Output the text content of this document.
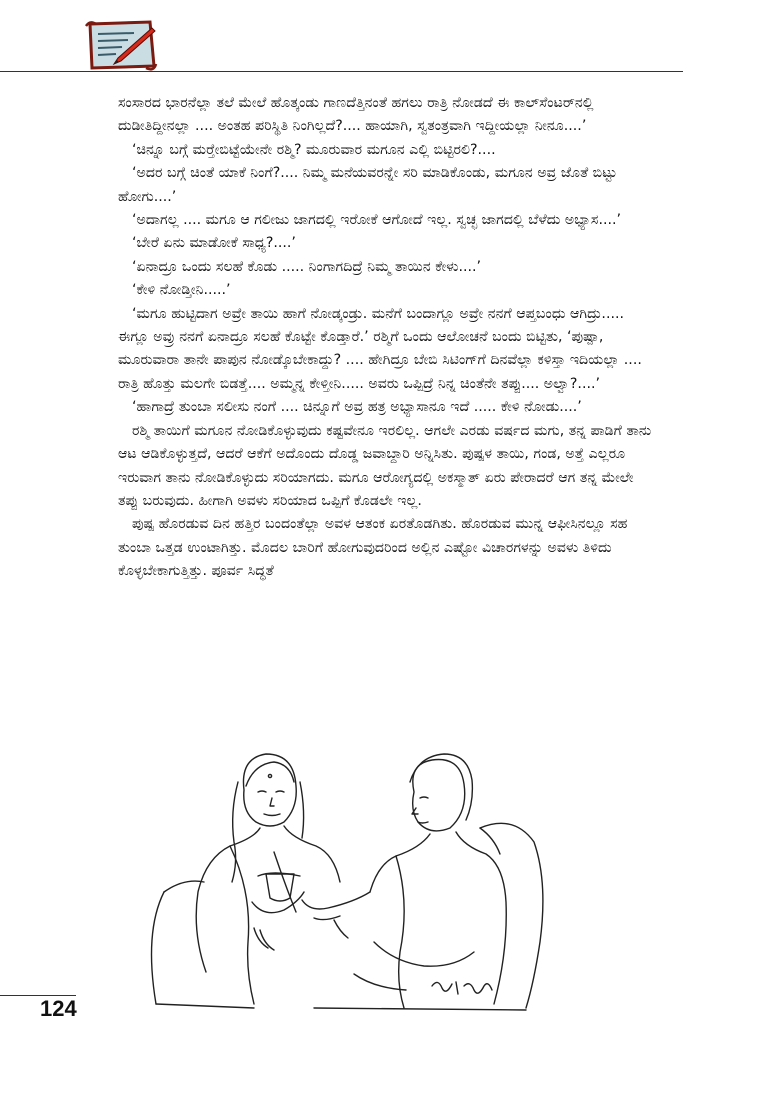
ಸಂಸಾರದ ಭಾರನೆಲ್ಲಾ ತಲೆ ಮೇಲೆ ಹೊತ್ಕಂಡು ಗಾಣದೆತ್ತಿನಂತೆ ಹಗಲು ರಾತ್ರಿ ನೋಡದೆ ಈ ಕಾಲ್‌ಸೆಂಟರ್‌ನಲ್ಲಿ ದುಡೀತಿದ್ದೀನಲ್ಲಾ .... ಅಂತಹ ಪರಿಸ್ಥಿತಿ ನಿಂಗಿಲ್ಲದೆ?.... ಹಾಯಾಗಿ, ಸ್ವತಂತ್ರವಾಗಿ ಇದ್ದೀಯಲ್ಲಾ ನೀನೂ....’

‘ಚಿನ್ನೂ ಬಗ್ಗೆ ಮರ್‍ತೇಬಿಟ್ಟೆಯೇನೇ ರಶ್ಮಿ? ಮೂರುವಾರ ಮಗೂನ ಎಲ್ಲಿ ಬಿಟ್ಟಿರಲಿ?....

‘ಅದರ ಬಗ್ಗೆ ಚಿಂತೆ ಯಾಕೆ ನಿಂಗೆ?.... ನಿಮ್ಮ ಮನೆಯವರನ್ನೇ ಸರಿ ಮಾಡಿಕೊಂಡು, ಮಗೂನ ಅವ್ರ ಜೊತೆ ಬಿಟ್ಟು ಹೋಗು....’

‘ಅದಾಗಲ್ಲ .... ಮಗೂ ಆ ಗಲೀಜು ಜಾಗದಲ್ಲಿ ಇರೋಕೆ ಆಗೋದೆ ಇಲ್ಲ. ಸ್ವಚ್ಛ ಜಾಗದಲ್ಲಿ ಬೆಳೆದು ಅಭ್ಯಾಸ....’

‘ಬೇರೆ ಏನು ಮಾಡೋಕೆ ಸಾಧ್ಯ?....’

‘ಏನಾದ್ರೂ ಒಂದು ಸಲಹೆ ಕೊಡು ..... ನಿಂಗಾಗದಿದ್ರೆ ನಿಮ್ಮ ತಾಯಿನ ಕೇಳು....’

‘ಕೇಳಿ ನೋಡ್ತೀನಿ.....’

‘ಮಗೂ ಹುಟ್ಟಿದಾಗ ಅವ್ರೇ ತಾಯಿ ಹಾಗೆ ನೋಡ್ಕಂಡ್ರು. ಮನೆಗೆ ಬಂದಾಗ್ಲೂ ಅವ್ರೇ ನನಗೆ ಆಪ್ತಬಂಧು ಆಗಿದ್ರು..... ಈಗ್ಲೂ ಅವ್ರು ನನಗೆ ಏನಾದ್ರೂ ಸಲಹೆ ಕೊಟ್ಟೇ ಕೊಡ್ತಾರೆ.’ ರಶ್ಮಿಗೆ ಒಂದು ಆಲೋಚನೆ ಬಂದು ಬಿಟ್ಟಿತು, ‘ಪುಷ್ಪಾ, ಮೂರುವಾರಾ ತಾನೇ ಪಾಪುನ ನೋಡ್ಕೊಬೇಕಾದ್ದು? .... ಹೇಗಿದ್ರೂ ಬೇಬಿ ಸಿಟಿಂಗ್‌ಗೆ ದಿನವೆಲ್ಲಾ ಕಳಿಸ್ತಾ ಇದಿಯಲ್ಲಾ .... ರಾತ್ರಿ ಹೊತ್ತು ಮಲಗೇ ಬಿಡತ್ತೆ.... ಅಮ್ಮನ್ನ ಕೇಳ್ತೀನಿ..... ಅವರು ಒಪ್ಪಿದ್ರೆ ನಿನ್ನ ಚಿಂತೆನೇ ತಪ್ಪು.... ಅಲ್ವಾ?....’

‘ಹಾಗಾದ್ರೆ ತುಂಬಾ ಸಲೀಸು ನಂಗೆ .... ಚಿನ್ನೂಗೆ ಅವ್ರ ಹತ್ರ ಅಭ್ಯಾಸಾನೂ ಇದೆ ..... ಕೇಳಿ ನೋಡು....’

ರಶ್ಮಿ ತಾಯಿಗೆ ಮಗೂನ ನೋಡಿಕೊಳ್ಳುವುದು ಕಷ್ಟವೇನೂ ಇರಲಿಲ್ಲ. ಆಗಲೇ ಎರಡು ವರ್ಷದ ಮಗು, ತನ್ನ ಪಾಡಿಗೆ ತಾನು ಆಟ ಆಡಿಕೊಳ್ಳುತ್ತದೆ, ಆದರೆ ಆಕೆಗೆ ಅದೊಂದು ದೊಡ್ಡ ಜವಾಬ್ದಾರಿ ಅನ್ನಿಸಿತು. ಪುಷ್ಪಳ ತಾಯಿ, ಗಂಡ, ಅತ್ತೆ ಎಲ್ಲರೂ ಇರುವಾಗ ತಾನು ನೋಡಿಕೊಳ್ಳುದು ಸರಿಯಾಗದು. ಮಗೂ ಆರೋಗ್ಯದಲ್ಲಿ ಅಕಸ್ಮಾತ್ ಏರು ಪೇರಾದರೆ ಆಗ ತನ್ನ ಮೇಲೇ ತಪ್ಪು ಬರುವುದು. ಹೀಗಾಗಿ ಅವಳು ಸರಿಯಾದ ಒಪ್ಪಿಗೆ ಕೊಡಲೇ ಇಲ್ಲ.

ಪುಷ್ಪ ಹೊರಡುವ ದಿನ ಹತ್ತಿರ ಬಂದಂತೆಲ್ಲಾ ಅವಳ ಆತಂಕ ಏರತೊಡಗಿತು. ಹೊರಡುವ ಮುನ್ನ ಆಫೀಸಿನಲ್ಲೂ ಸಹ ತುಂಬಾ ಒತ್ತಡ ಉಂಟಾಗಿತ್ತು. ಮೊದಲ ಬಾರಿಗೆ ಹೋಗುವುದರಿಂದ ಅಲ್ಲಿನ ಎಷ್ಟೋ ವಿಚಾರಗಳನ್ನು ಅವಳು ತಿಳಿದು ಕೊಳ್ಳಬೇಕಾಗುತ್ತಿತ್ತು. ಪೂರ್ವ ಸಿದ್ಧತೆ

124
